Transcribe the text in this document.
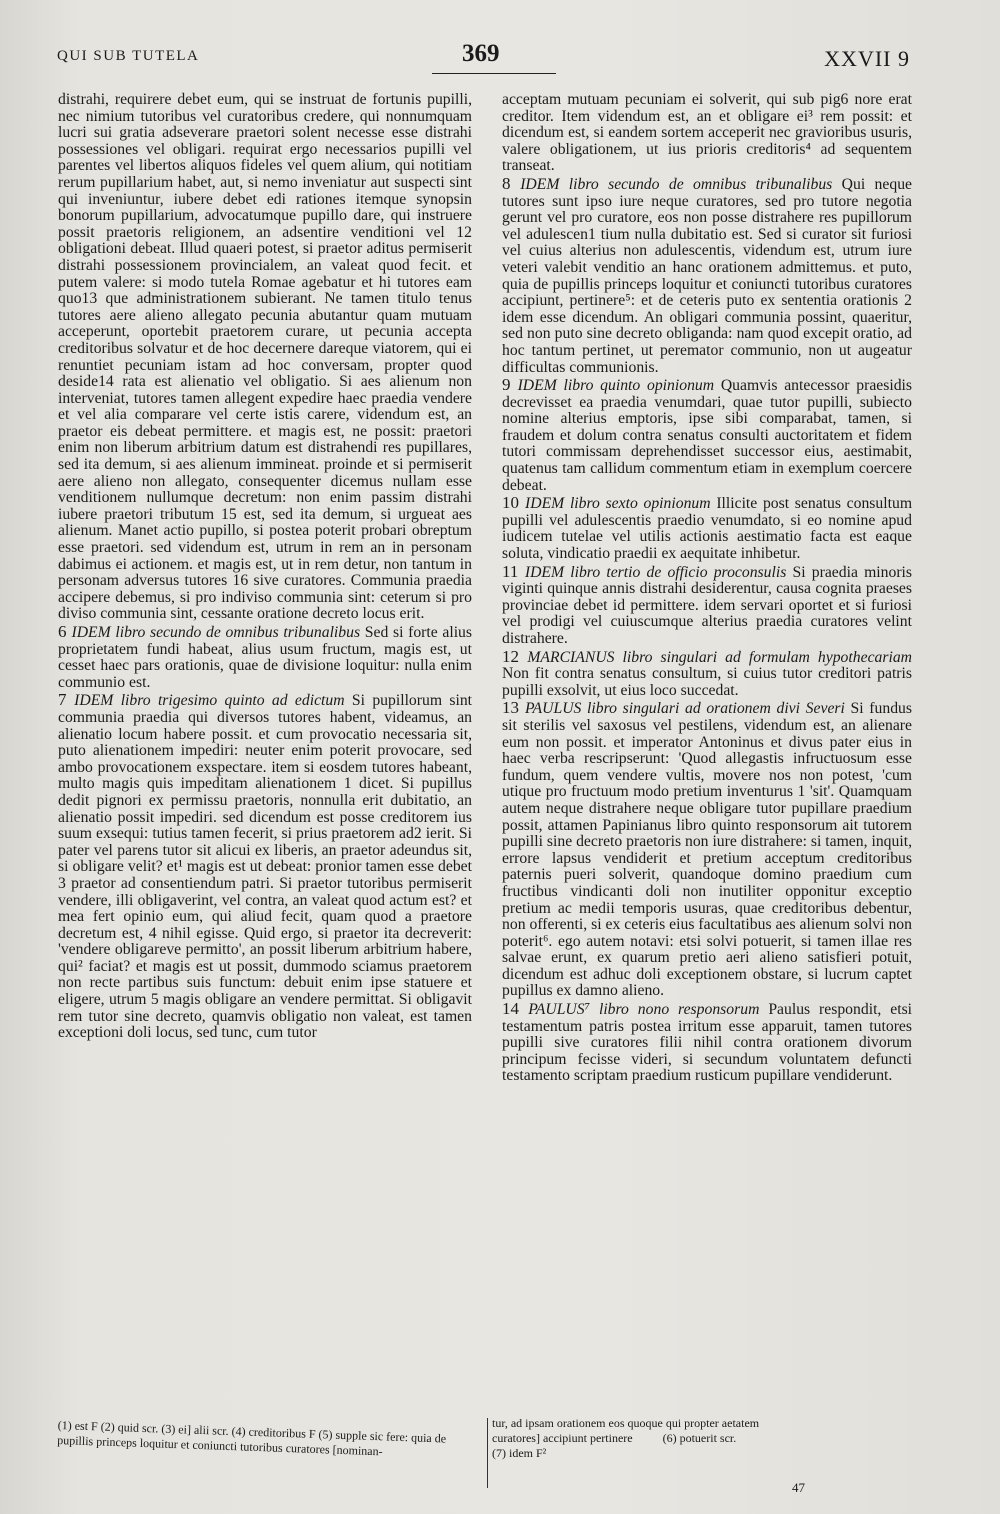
QUI SUB TUTELA	369	XXVII 9

distrahi, requirere debet eum, qui se instruat de fortunis pupilli, nec nimium tutoribus vel curatoribus credere, qui nonnumquam lucri sui gratia adseverare praetori solent necesse esse distrahi possessiones vel obligari. requirat ergo necessarios pupilli vel parentes vel libertos aliquos fideles vel quem alium, qui notitiam rerum pupillarium habet, aut, si nemo inveniatur aut suspecti sint qui inveniuntur, iubere debet edi rationes itemque synopsin bonorum pupillarium, advocatumque pupillo dare, qui instruere possit praetoris religionem, an adsentire venditioni vel 12 obligationi debeat. Illud quaeri potest, si praetor aditus permiserit distrahi possessionem provincialem, an valeat quod fecit. et putem valere: si modo tutela Romae agebatur et hi tutores eam quo13 que administrationem subierant. Ne tamen titulo tenus tutores aere alieno allegato pecunia abutantur quam mutuam acceperunt, oportebit praetorem curare, ut pecunia accepta creditoribus solvatur et de hoc decernere dareque viatorem, qui ei renuntiet pecuniam istam ad hoc conversam, propter quod deside14 rata est alienatio vel obligatio. Si aes alienum non interveniat, tutores tamen allegent expedire haec praedia vendere et vel alia comparare vel certe istis carere, videndum est, an praetor eis debeat permittere. et magis est, ne possit: praetori enim non liberum arbitrium datum est distrahendi res pupillares, sed ita demum, si aes alienum immineat. proinde et si permiserit aere alieno non allegato, consequenter dicemus nullam esse venditionem nullumque decretum: non enim passim distrahi iubere praetori tributum 15 est, sed ita demum, si urgueat aes alienum. Manet actio pupillo, si postea poterit probari obreptum esse praetori. sed videndum est, utrum in rem an in personam dabimus ei actionem. et magis est, ut in rem detur, non tantum in personam adversus tutores 16 sive curatores. Communia praedia accipere debemus, si pro indiviso communia sint: ceterum si pro diviso communia sint, cessante oratione decreto locus erit.

6 IDEM libro secundo de omnibus tribunalibus Sed si forte alius proprietatem fundi habeat, alius usum fructum, magis est, ut cesset haec pars orationis, quae de divisione loquitur: nulla enim communio est.

7 IDEM libro trigesimo quinto ad edictum Si pupillorum sint communia praedia qui diversos tutores habent, videamus, an alienatio locum habere possit. et cum provocatio necessaria sit, puto alienationem impediri: neuter enim poterit provocare, sed ambo provocationem exspectare. item si eosdem tutores habeant, multo magis quis impeditam alienationem 1 dicet. Si pupillus dedit pignori ex permissu praetoris, nonnulla erit dubitatio, an alienatio possit impediri. sed dicendum est posse creditorem ius suum exsequi: tutius tamen fecerit, si prius praetorem ad2 ierit. Si pater vel parens tutor sit alicui ex liberis, an praetor adeundus sit, si obligare velit? et¹ magis est ut debeat: pronior tamen esse debet 3 praetor ad consentiendum patri. Si praetor tutoribus permiserit vendere, illi obligaverint, vel contra, an valeat quod actum est? et mea fert opinio eum, qui aliud fecit, quam quod a praetore decretum est, 4 nihil egisse. Quid ergo, si praetor ita decreverit: 'vendere obligareve permitto', an possit liberum arbitrium habere, qui² faciat? et magis est ut possit, dummodo sciamus praetorem non recte partibus suis functum: debuit enim ipse statuere et eligere, utrum 5 magis obligare an vendere permittat. Si obligavit rem tutor sine decreto, quamvis obligatio non valeat, est tamen exceptioni doli locus, sed tunc, cum tutor

acceptam mutuam pecuniam ei solverit, qui sub pig6 nore erat creditor. Item videndum est, an et obligare ei³ rem possit: et dicendum est, si eandem sortem acceperit nec gravioribus usuris, valere obligationem, ut ius prioris creditoris⁴ ad sequentem transeat.

8 IDEM libro secundo de omnibus tribunalibus Qui neque tutores sunt ipso iure neque curatores, sed pro tutore negotia gerunt vel pro curatore, eos non posse distrahere res pupillorum vel adulescen1 tium nulla dubitatio est. Sed si curator sit furiosi vel cuius alterius non adulescentis, videndum est, utrum iure veteri valebit venditio an hanc orationem admittemus. et puto, quia de pupillis princeps loquitur et coniuncti tutoribus curatores accipiunt, pertinere⁵: et de ceteris puto ex sententia orationis 2 idem esse dicendum. An obligari communia possint, quaeritur, sed non puto sine decreto obliganda: nam quod excepit oratio, ad hoc tantum pertinet, ut peremator communio, non ut augeatur difficultas communionis.

9 IDEM libro quinto opinionum Quamvis antecessor praesidis decrevisset ea praedia venumdari, quae tutor pupilli, subiecto nomine alterius emptoris, ipse sibi comparabat, tamen, si fraudem et dolum contra senatus consulti auctoritatem et fidem tutori commissam deprehendisset successor eius, aestimabit, quatenus tam callidum commentum etiam in exemplum coercere debeat.

10 IDEM libro sexto opinionum Illicite post senatus consultum pupilli vel adulescentis praedio venumdato, si eo nomine apud iudicem tutelae vel utilis actionis aestimatio facta est eaque soluta, vindicatio praedii ex aequitate inhibetur.

11 IDEM libro tertio de officio proconsulis Si praedia minoris viginti quinque annis distrahi desiderentur, causa cognita praeses provinciae debet id permittere. idem servari oportet et si furiosi vel prodigi vel cuiuscumque alterius praedia curatores velint distrahere.

12 MARCIANUS libro singulari ad formulam hypothecariam Non fit contra senatus consultum, si cuius tutor creditori patris pupilli exsolvit, ut eius loco succedat.

13 PAULUS libro singulari ad orationem divi Severi Si fundus sit sterilis vel saxosus vel pestilens, videndum est, an alienare eum non possit. et imperator Antoninus et divus pater eius in haec verba rescripserunt: 'Quod allegastis infructuosum esse fundum, quem vendere vultis, movere nos non potest, 'cum utique pro fructuum modo pretium inventurus 1 'sit'. Quamquam autem neque distrahere neque obligare tutor pupillare praedium possit, attamen Papinianus libro quinto responsorum ait tutorem pupilli sine decreto praetoris non iure distrahere: si tamen, inquit, errore lapsus vendiderit et pretium acceptum creditoribus paternis pueri solverit, quandoque domino praedium cum fructibus vindicanti doli non inutiliter opponitur exceptio pretium ac medii temporis usuras, quae creditoribus debentur, non offerenti, si ex ceteris eius facultatibus aes alienum solvi non poterit⁶. ego autem notavi: etsi solvi potuerit, si tamen illae res salvae erunt, ex quarum pretio aeri alieno satisfieri potuit, dicendum est adhuc doli exceptionem obstare, si lucrum captet pupillus ex damno alieno.

14 PAULUS⁷ libro nono responsorum Paulus respondit, etsi testamentum patris postea irritum esse apparuit, tamen tutores pupilli sive curatores filii nihil contra orationem divorum principum fecisse videri, si secundum voluntatem defuncti testamento scriptam praedium rusticum pupillare vendiderunt.

(1) est F (2) quid scr. (3) ei] alii scr. (4) creditoribus F (5) supple sic fere: quia de pupillis princeps loquitur et coniuncti tutoribus curatores [nominan-
tur, ad ipsam orationem eos quoque qui propter aetatem
curatores] accipiunt pertinere          (6) potuerit scr.
(7) idem F²
47
